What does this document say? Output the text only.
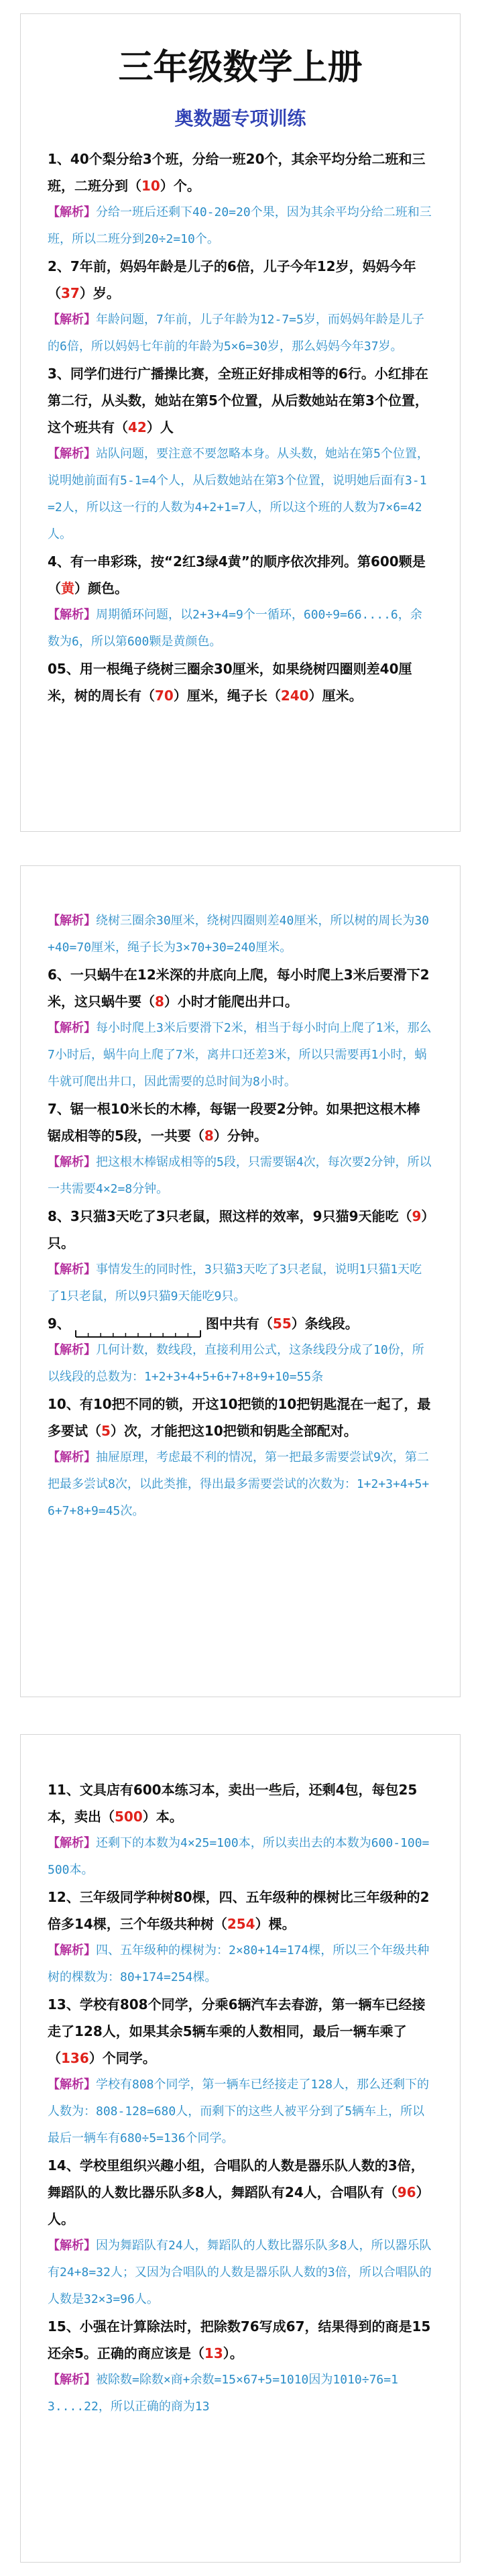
三年级数学上册
奥数题专项训练

1、40个梨分给3个班，分给一班20个，其余平均分给二班和三班，二班分到（10）个。

【解析】分给一班后还剩下40-20=20个果，因为其余平均分给二班和三班，所以二班分到20÷2=10个。

2、7年前，妈妈年龄是儿子的6倍，儿子今年12岁，妈妈今年（37）岁。

【解析】年龄问题，7年前，儿子年龄为12-7=5岁，而妈妈年龄是儿子的6倍，所以妈妈七年前的年龄为5×6=30岁，那么妈妈今年37岁。

3、同学们进行广播操比赛，全班正好排成相等的6行。小红排在第二行，从头数，她站在第5个位置，从后数她站在第3个位置，这个班共有（42）人

【解析】站队问题，要注意不要忽略本身。从头数，她站在第5个位置，说明她前面有5-1=4个人，从后数她站在第3个位置，说明她后面有3-1=2人，所以这一行的人数为4+2+1=7人，所以这个班的人数为7×6=42人。

4、有一串彩珠，按“2红3绿4黄”的顺序依次排列。第600颗是（黄）颜色。

【解析】周期循环问题，以2+3+4=9个一循环，600÷9=66....6，余数为6，所以第600颗是黄颜色。

05、用一根绳子绕树三圈余30厘米，如果绕树四圈则差40厘米，树的周长有（70）厘米，绳子长（240）厘米。

【解析】绕树三圈余30厘米，绕树四圈则差40厘米，所以树的周长为30+40=70厘米，绳子长为3×70+30=240厘米。

6、一只蜗牛在12米深的井底向上爬，每小时爬上3米后要滑下2米，这只蜗牛要（8）小时才能爬出井口。

【解析】每小时爬上3米后要滑下2米，相当于每小时向上爬了1米，那么7小时后，蜗牛向上爬了7米，离井口还差3米，所以只需要再1小时，蜗牛就可爬出井口，因此需要的总时间为8小时。

7、锯一根10米长的木棒，每锯一段要2分钟。如果把这根木棒锯成相等的5段，一共要（8）分钟。

【解析】把这根木棒锯成相等的5段，只需要锯4次，每次要2分钟，所以一共需要4×2=8分钟。

8、3只猫3天吃了3只老鼠，照这样的效率，9只猫9天能吃（9）只。

【解析】事情发生的同时性，3只猫3天吃了3只老鼠，说明1只猫1天吃了1只老鼠，所以9只猫9天能吃9只。

9、	图中共有（55）条线段。

【解析】几何计数，数线段，直接利用公式，这条线段分成了10份，所以线段的总数为：1+2+3+4+5+6+7+8+9+10=55条

10、有10把不同的锁，开这10把锁的10把钥匙混在一起了，最多要试（5）次，才能把这10把锁和钥匙全部配对。

【解析】抽屉原理，考虑最不利的情况，第一把最多需要尝试9次，第二把最多尝试8次，以此类推，得出最多需要尝试的次数为：1+2+3+4+5+6+7+8+9=45次。

11、文具店有600本练习本，卖出一些后，还剩4包，每包25本，卖出（500）本。

【解析】还剩下的本数为4×25=100本，所以卖出去的本数为600-100=500本。

12、三年级同学种树80棵，四、五年级种的棵树比三年级种的2倍多14棵，三个年级共种树（254）棵。

【解析】四、五年级种的棵树为：2×80+14=174棵，所以三个年级共种树的棵数为：80+174=254棵。

13、学校有808个同学，分乘6辆汽车去春游，第一辆车已经接走了128人，如果其余5辆车乘的人数相同，最后一辆车乘了（136）个同学。

【解析】学校有808个同学，第一辆车已经接走了128人，那么还剩下的人数为：808-128=680人，而剩下的这些人被平分到了5辆车上，所以最后一辆车有680÷5=136个同学。

14、学校里组织兴趣小组，合唱队的人数是器乐队人数的3倍，舞蹈队的人数比器乐队多8人，舞蹈队有24人，合唱队有（96）人。

【解析】因为舞蹈队有24人，舞蹈队的人数比器乐队多8人，所以器乐队有24+8=32人；又因为合唱队的人数是器乐队人数的3倍，所以合唱队的人数是32×3=96人。

15、小强在计算除法时，把除数76写成67，结果得到的商是15还余5。正确的商应该是（13）。

【解析】被除数=除数×商+余数=15×67+5=1010因为1010÷76=13....22，所以正确的商为13
